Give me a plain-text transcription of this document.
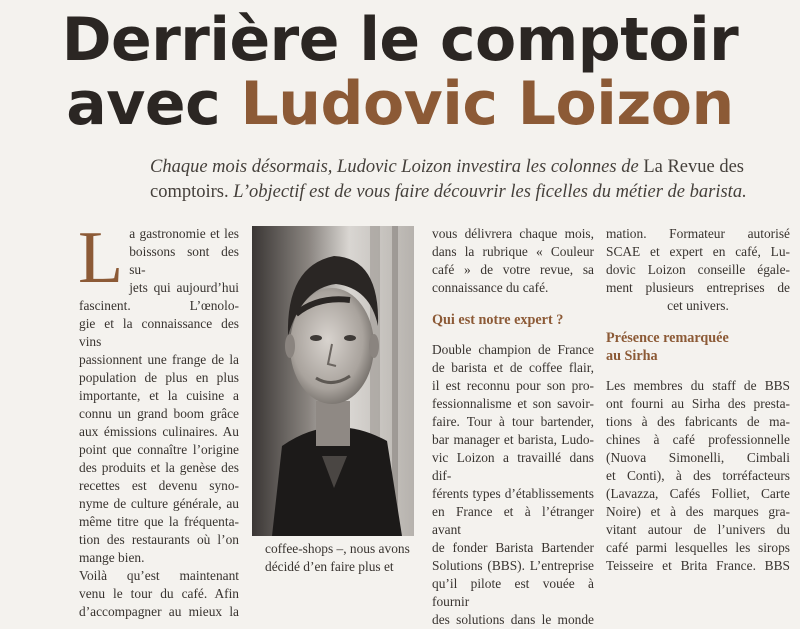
Derrière le comptoir
avec Ludovic Loizon
Chaque mois désormais, Ludovic Loizon investira les colonnes de La Revue des comptoirs. L’objectif est de vous faire découvrir les ficelles du métier de barista.
L a gastronomie et les
boissons sont des su-
jets qui aujourd’hui
fascinent. L’œnolo-
gie et la connaissance des vins
passionnent une frange de la
population de plus en plus
importante, et la cuisine a
connu un grand boom grâce
aux émissions culinaires. Au
point que connaître l’origine
des produits et la genèse des
recettes est devenu syno-
nyme de culture générale, au
même titre que la fréquenta-
tion des restaurants où l’on
mange bien.
Voilà qu’est maintenant
venu le tour du café. Afin
d’accompagner au mieux la
coffee-shops –, nous avons décidé d’en faire plus et
vous délivrera chaque mois,
dans la rubrique « Couleur
café » de votre revue, sa
connaissance du café.
Qui est notre expert ?
Double champion de France
de barista et de coffee flair,
il est reconnu pour son pro-
fessionnalisme et son savoir-
faire. Tour à tour bartender,
bar manager et barista, Ludo-
vic Loizon a travaillé dans dif-
férents types d’établissements
en France et à l’étranger avant
de fonder Barista Bartender
Solutions (BBS). L’entreprise
qu’il pilote est vouée à fournir
des solutions dans le monde
mation. Formateur autorisé
SCAE et expert en café, Lu-
dovic Loizon conseille égale-
ment plusieurs entreprises de
cet univers.
Présence remarquée
au Sirha
Les membres du staff de BBS
ont fourni au Sirha des presta-
tions à des fabricants de ma-
chines à café professionnelle
(Nuova Simonelli, Cimbali
et Conti), à des torréfacteurs
(Lavazza, Cafés Folliet, Carte
Noire) et à des marques gra-
vitant autour de l’univers du
café parmi lesquelles les sirops
Teisseire et Brita France. BBS
